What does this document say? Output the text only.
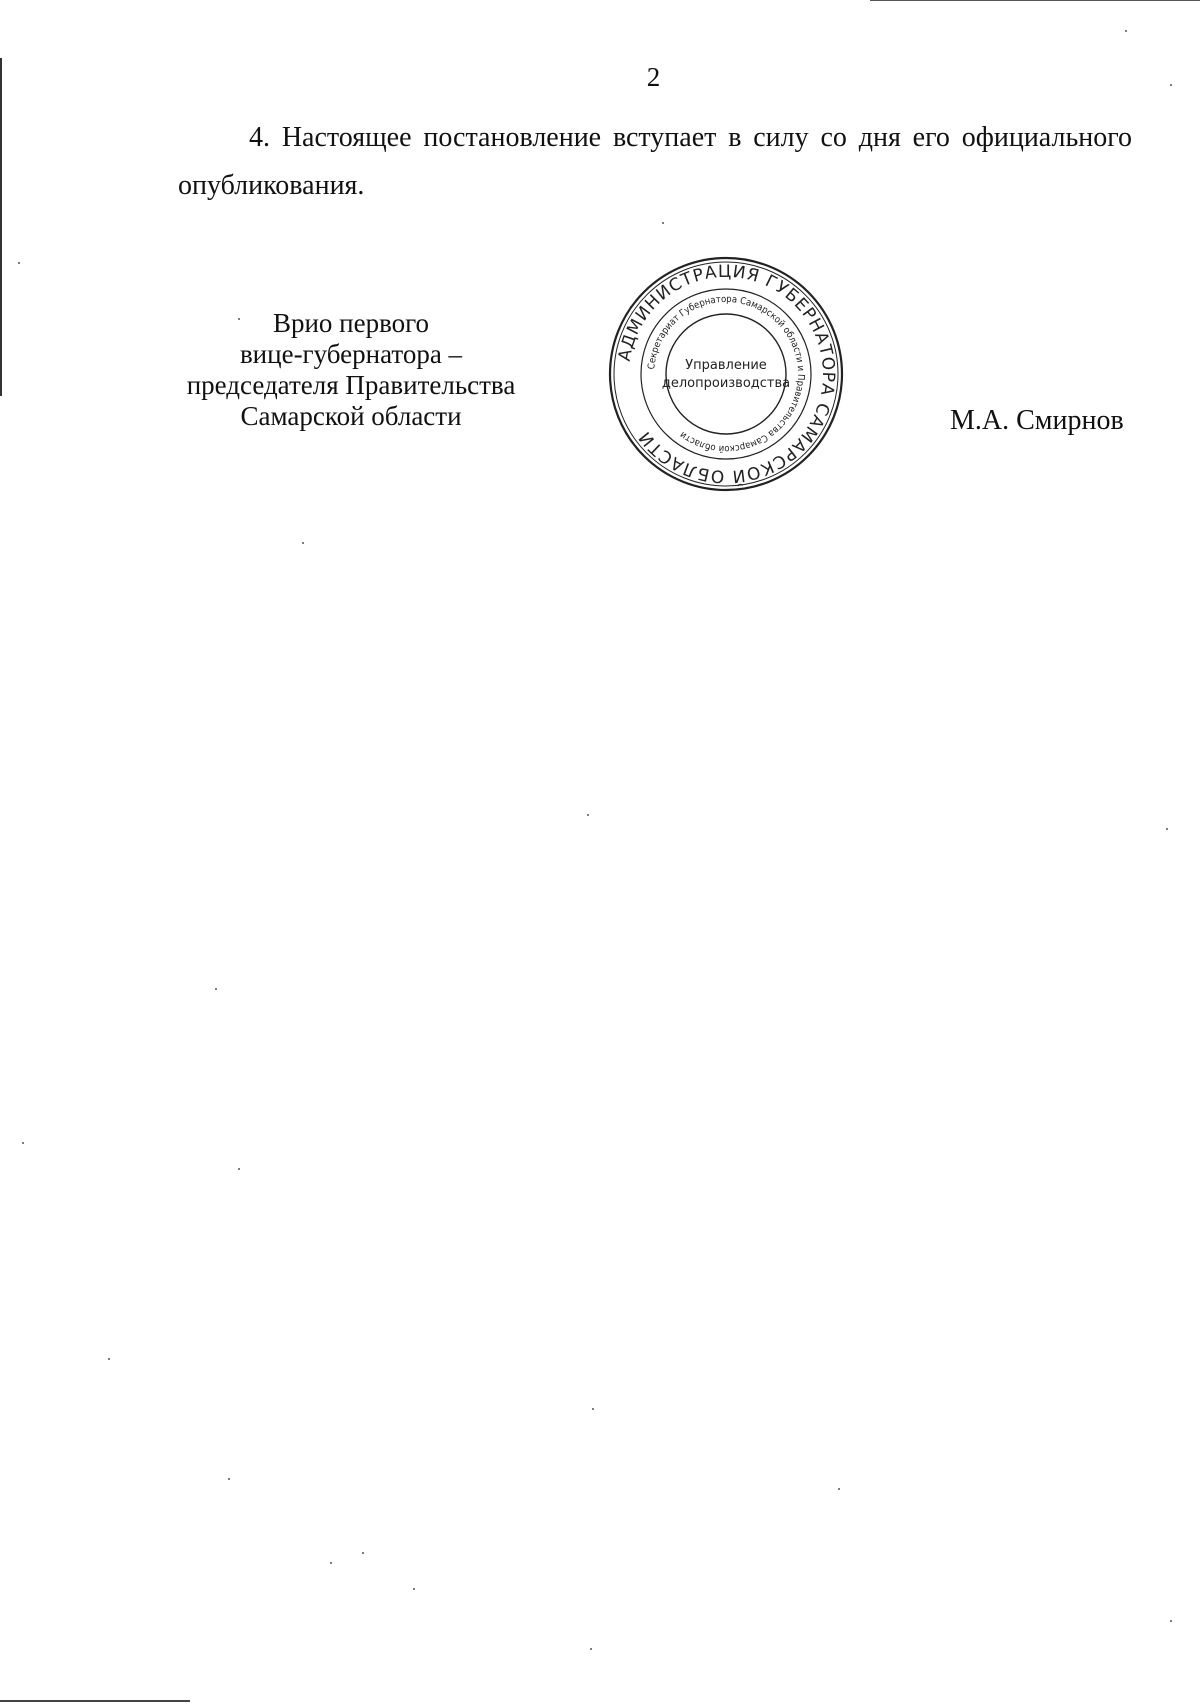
2

4. Настоящее постановление вступает в силу со дня его официального опубликования.

Врио первого
вице-губернатора –
председателя Правительства
Самарской области
АДМИНИСТРАЦИЯ ГУБЕРНАТОРА САМАРСКОЙ ОБЛАСТИ
Секретариат Губернатора Самарской области и Правительства Самарской области
Управление
делопроизводства
М.А. Смирнов
